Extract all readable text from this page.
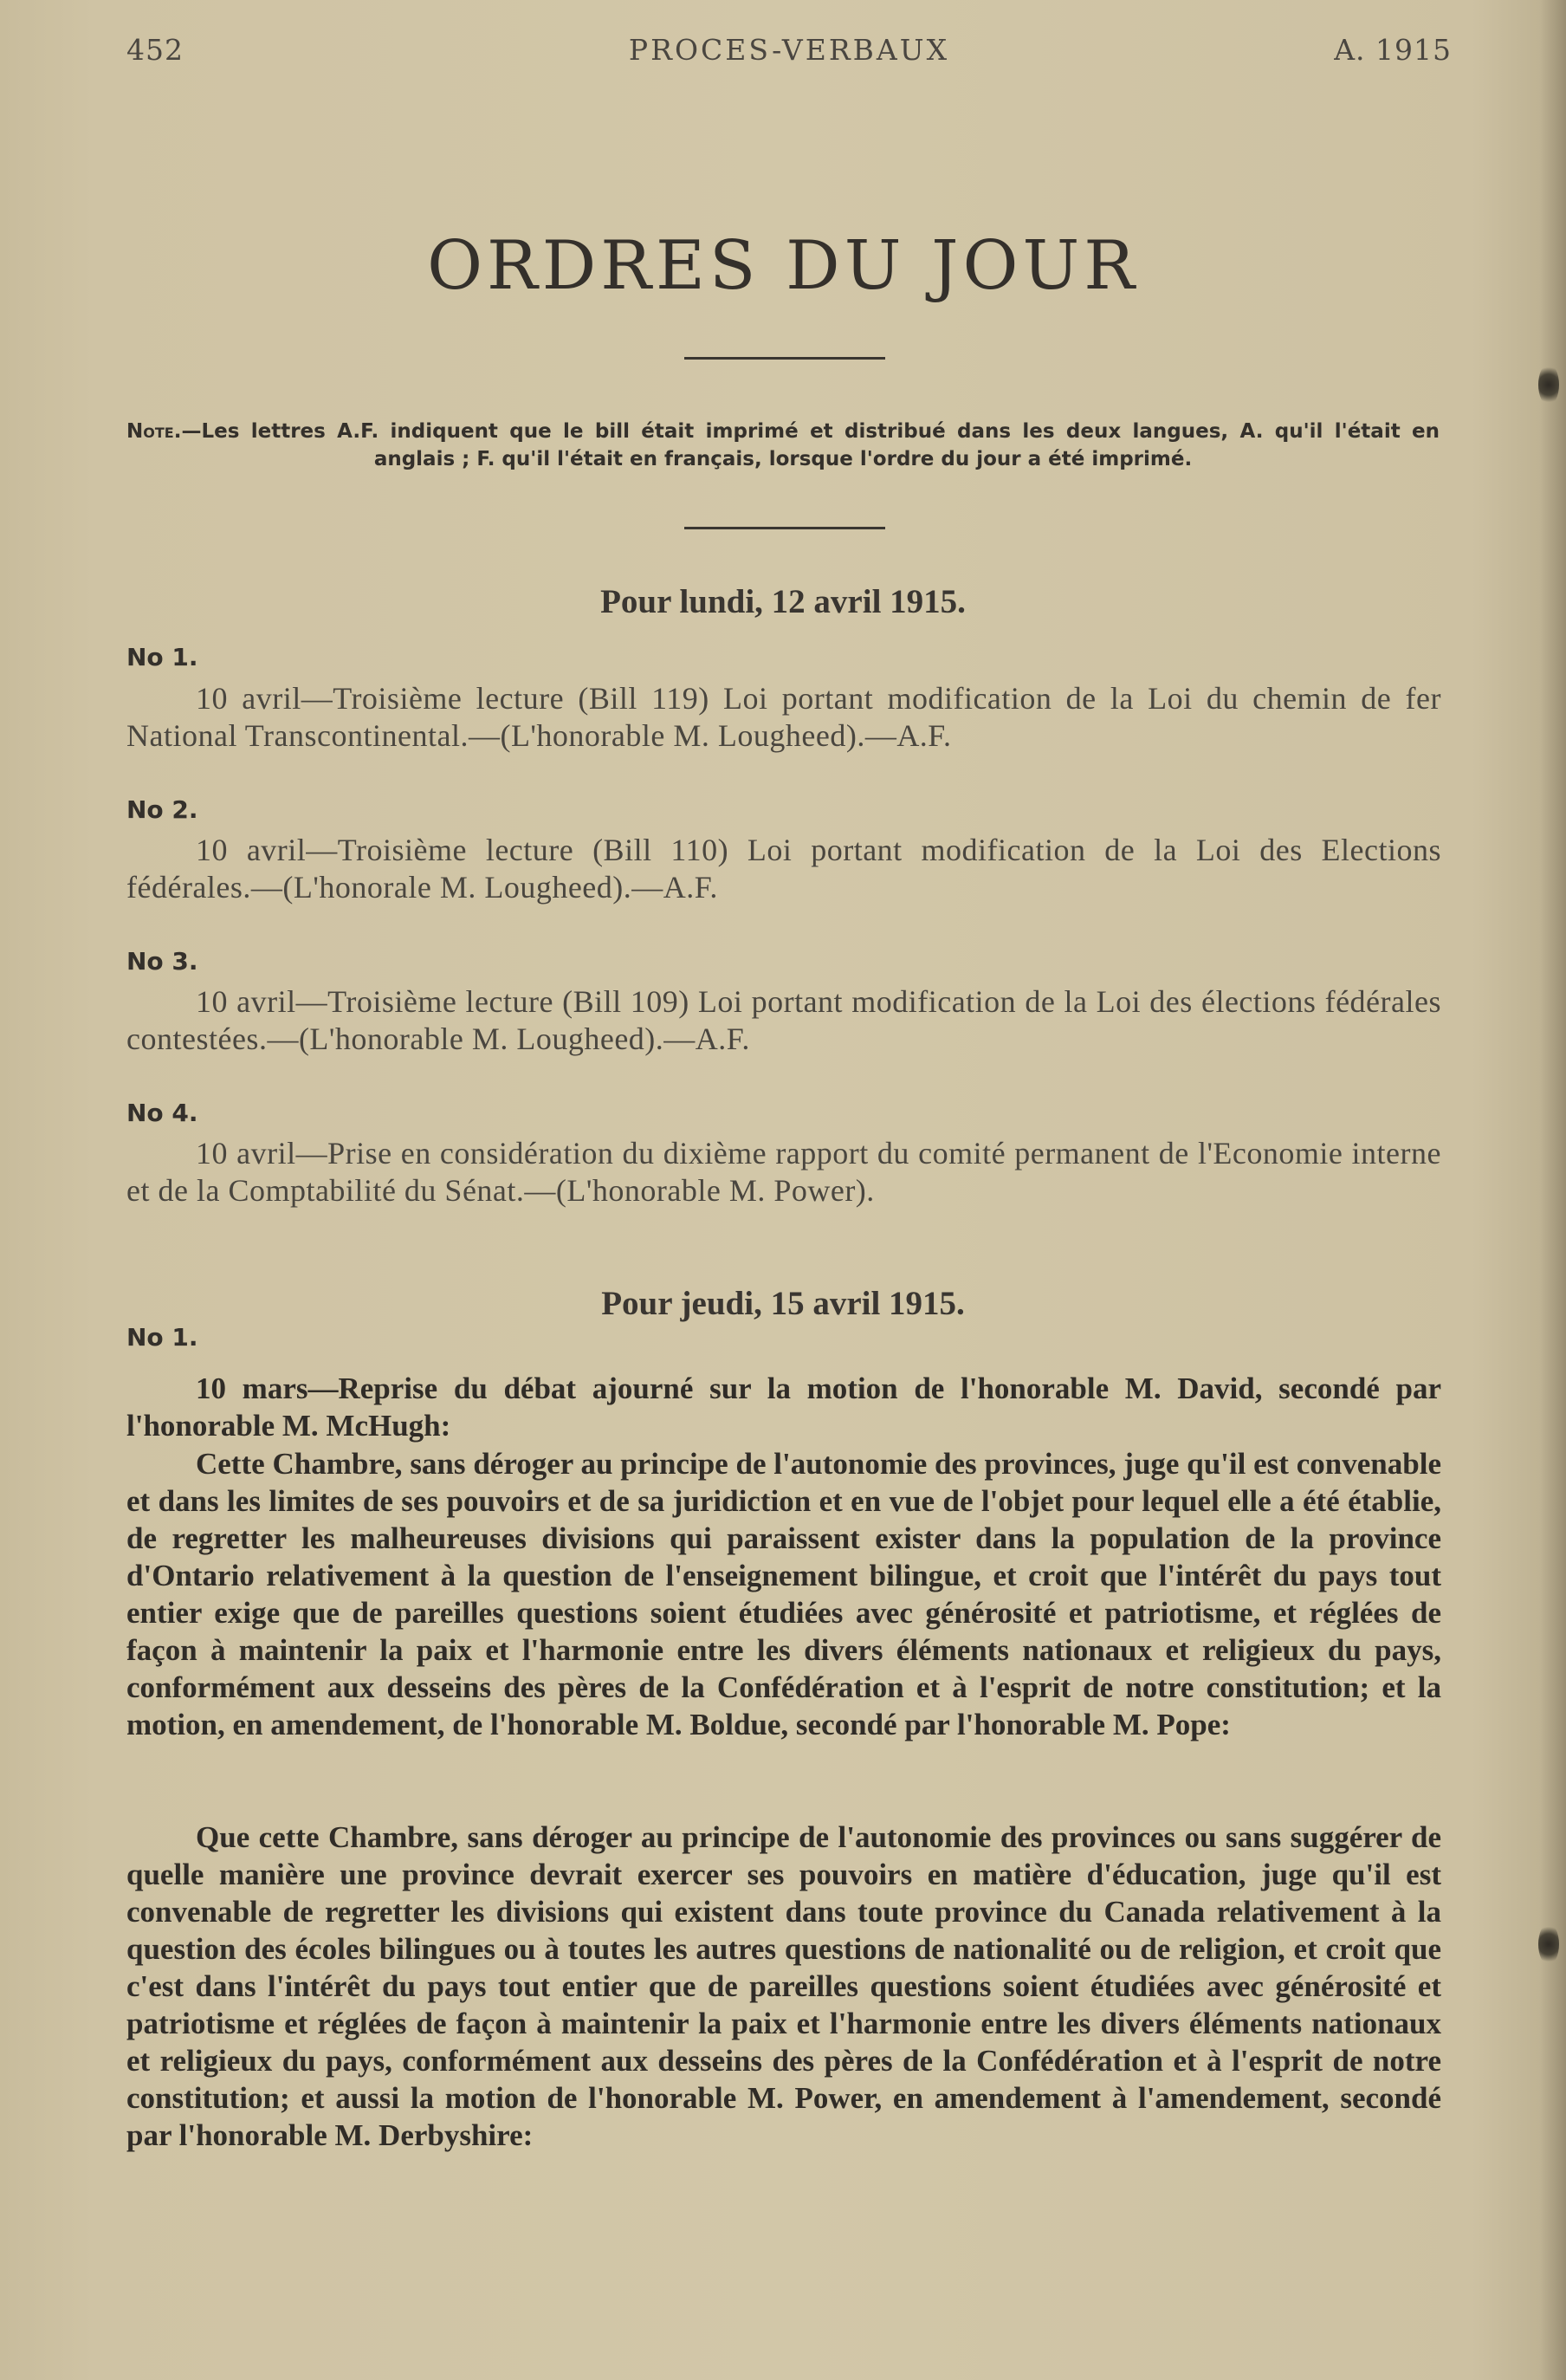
452	PROCES-VERBAUX	A. 1915
ORDRES DU JOUR
Note.—Les lettres A.F. indiquent que le bill était imprimé et distribué dans les deux langues, A. qu'il l'était en anglais ; F. qu'il l'était en français, lorsque l'ordre du jour a été imprimé.
Pour lundi, 12 avril 1915.
No 1.
10 avril—Troisième lecture (Bill 119) Loi portant modification de la Loi du chemin de fer National Transcontinental.—(L'honorable M. Lougheed).—A.F.
No 2.
10 avril—Troisième lecture (Bill 110) Loi portant modification de la Loi des Elections fédérales.—(L'honorale M. Lougheed).—A.F.
No 3.
10 avril—Troisième lecture (Bill 109) Loi portant modification de la Loi des élections fédérales contestées.—(L'honorable M. Lougheed).—A.F.
No 4.
10 avril—Prise en considération du dixième rapport du comité permanent de l'Economie interne et de la Comptabilité du Sénat.—(L'honorable M. Power).
Pour jeudi, 15 avril 1915.
No 1.
10 mars—Reprise du débat ajourné sur la motion de l'honorable M. David, secondé par l'honorable M. McHugh:
Cette Chambre, sans déroger au principe de l'autonomie des provinces, juge qu'il est convenable et dans les limites de ses pouvoirs et de sa juridiction et en vue de l'objet pour lequel elle a été établie, de regretter les malheureuses divisions qui paraissent exister dans la population de la province d'Ontario relativement à la question de l'enseignement bilingue, et croit que l'intérêt du pays tout entier exige que de pareilles questions soient étudiées avec générosité et patriotisme, et réglées de façon à maintenir la paix et l'harmonie entre les divers éléments nationaux et religieux du pays, conformément aux desseins des pères de la Confédération et à l'esprit de notre constitution; et la motion, en amendement, de l'honorable M. Boldue, secondé par l'honorable M. Pope:
Que cette Chambre, sans déroger au principe de l'autonomie des provinces ou sans suggérer de quelle manière une province devrait exercer ses pouvoirs en matière d'éducation, juge qu'il est convenable de regretter les divisions qui existent dans toute province du Canada relativement à la question des écoles bilingues ou à toutes les autres questions de nationalité ou de religion, et croit que c'est dans l'intérêt du pays tout entier que de pareilles questions soient étudiées avec générosité et patriotisme et réglées de façon à maintenir la paix et l'harmonie entre les divers éléments nationaux et religieux du pays, conformément aux desseins des pères de la Confédération et à l'esprit de notre constitution; et aussi la motion de l'honorable M. Power, en amendement à l'amendement, secondé par l'honorable M. Derbyshire:
